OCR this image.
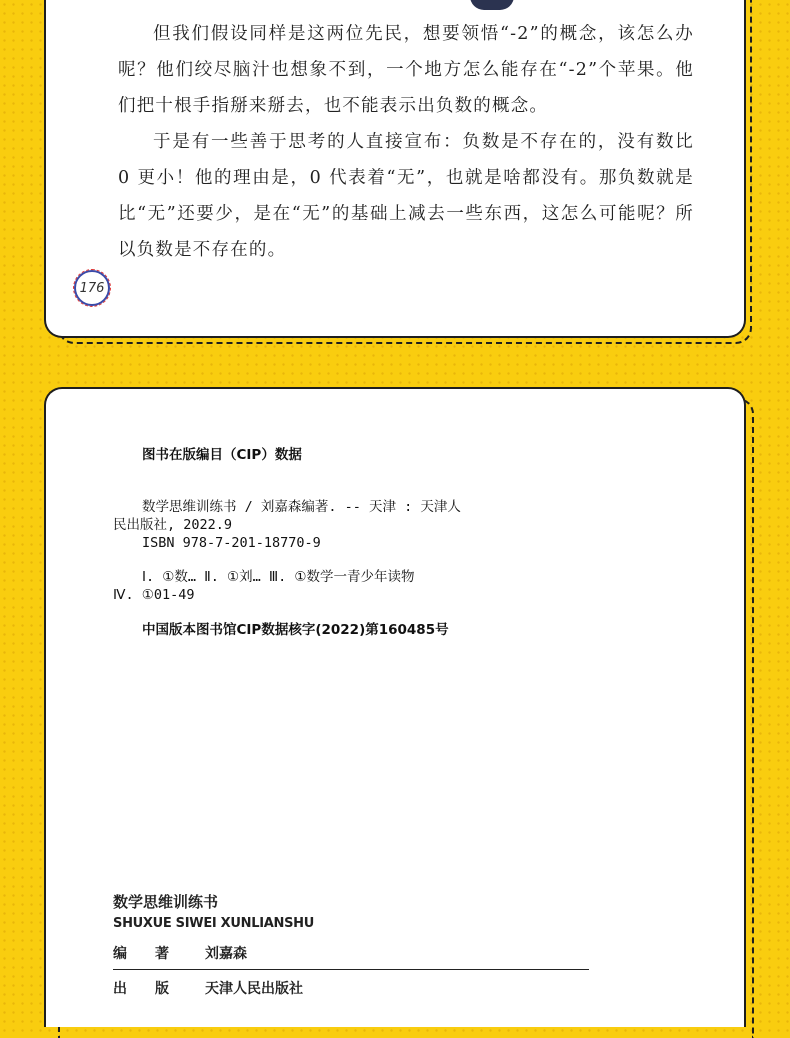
但我们假设同样是这两位先民，想要领悟“-2”的概念，该怎么办呢？他们绞尽脑汁也想象不到，一个地方怎么能存在“-2”个苹果。他们把十根手指掰来掰去，也不能表示出负数的概念。

于是有一些善于思考的人直接宣布：负数是不存在的，没有数比 0 更小！他的理由是，0 代表着“无”，也就是啥都没有。那负数就是比“无”还要少，是在“无”的基础上减去一些东西，这怎么可能呢？所以负数是不存在的。

176
图书在版编目（CIP）数据
数学思维训练书 / 刘嘉森编著. -- 天津 : 天津人
民出版社, 2022.9
ISBN 978-7-201-18770-9
Ⅰ. ①数… Ⅱ. ①刘… Ⅲ. ①数学一青少年读物
Ⅳ. ①01-49
中国版本图书馆CIP数据核字(2022)第160485号
数学思维训练书
SHUXUE SIWEI XUNLIANSHU
编　　著	刘嘉森
出　　版	天津人民出版社
